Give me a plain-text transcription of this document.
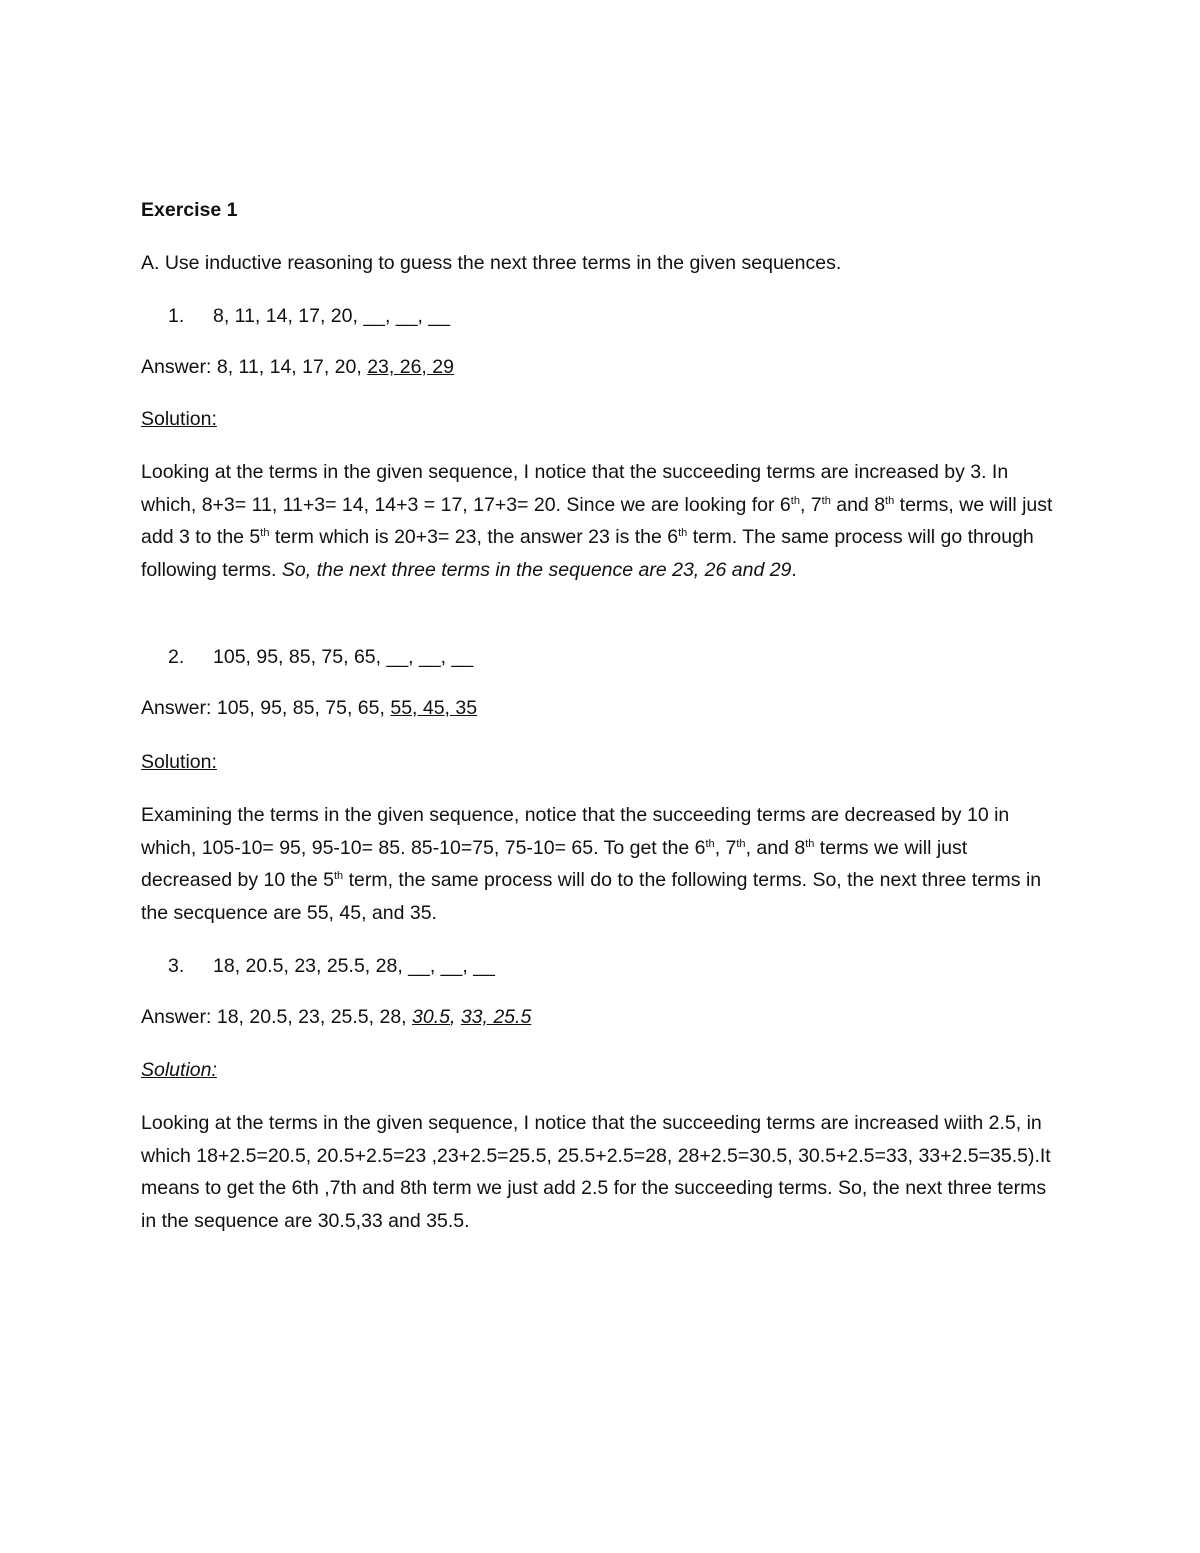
Exercise 1
A. Use inductive reasoning to guess the next three terms in the given sequences.
1. 8, 11, 14, 17, 20, __, __, __
Answer: 8, 11, 14, 17, 20, 23, 26, 29
Solution:
Looking at the terms in the given sequence, I notice that the succeeding terms are increased by 3. In which, 8+3= 11, 11+3= 14, 14+3 = 17, 17+3= 20. Since we are looking for 6th, 7th and 8th terms, we will just add 3 to the 5th term which is 20+3= 23, the answer 23 is the 6th term. The same process will go through following terms. So, the next three terms in the sequence are 23, 26 and 29.
2. 105, 95, 85, 75, 65, __, __, __
Answer: 105, 95, 85, 75, 65, 55, 45, 35
Solution:
Examining the terms in the given sequence, notice that the succeeding terms are decreased by 10 in which, 105-10= 95, 95-10= 85. 85-10=75, 75-10= 65. To get the 6th, 7th, and 8th terms we will just decreased by 10 the 5th term, the same process will do to the following terms. So, the next three terms in the secquence are 55, 45, and 35.
3. 18, 20.5, 23, 25.5, 28, __, __, __
Answer: 18, 20.5, 23, 25.5, 28, 30.5, 33, 25.5
Solution:
Looking at the terms in the given sequence, I notice that the succeeding terms are increased wiith 2.5, in which 18+2.5=20.5, 20.5+2.5=23 ,23+2.5=25.5, 25.5+2.5=28, 28+2.5=30.5, 30.5+2.5=33, 33+2.5=35.5).It means to get the 6th ,7th and 8th term we just add 2.5 for the succeeding terms. So, the next three terms in the sequence are 30.5,33 and 35.5.
